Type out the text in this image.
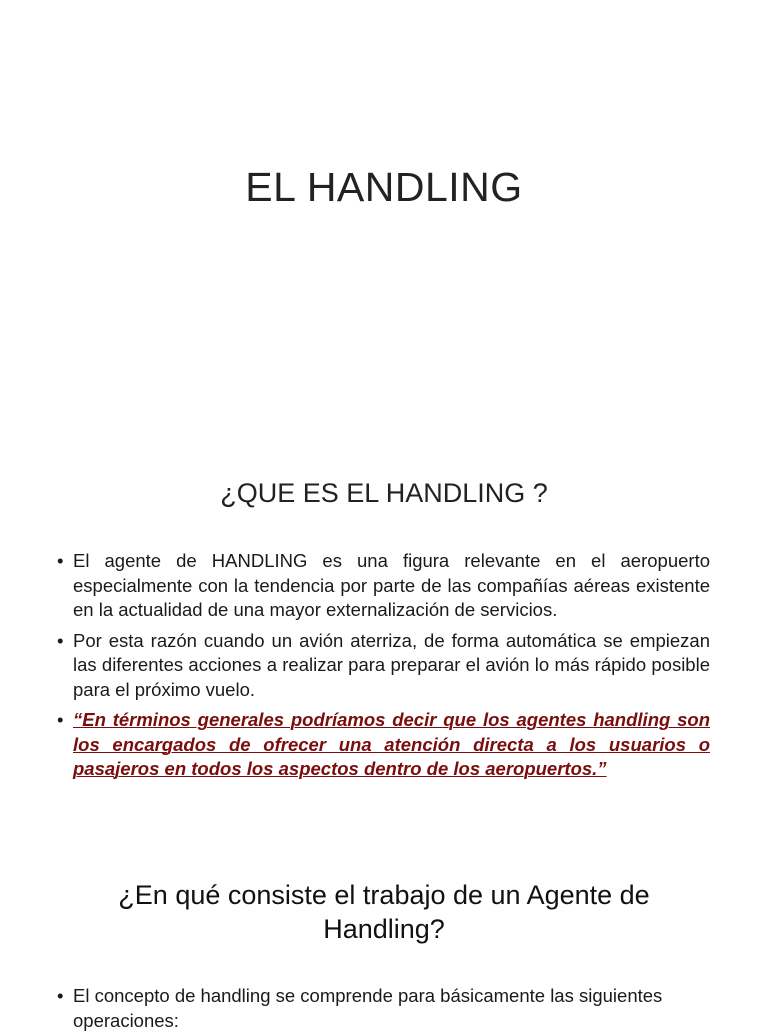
EL HANDLING
¿QUE ES EL HANDLING ?
• El agente de HANDLING es una figura relevante en el aeropuerto especialmente con la tendencia por parte de las compañías aéreas existente en la actualidad de una mayor externalización de servicios.
• Por esta razón cuando un avión aterriza, de forma automática se empiezan las diferentes acciones a realizar para preparar el avión lo más rápido posible para el próximo vuelo.
• “En términos generales podríamos decir que los agentes handling son los encargados de ofrecer una atención directa a los usuarios o pasajeros en todos los aspectos dentro de los aeropuertos.”
¿En qué consiste el trabajo de un Agente de
Handling?
• El concepto de handling se comprende para básicamente las siguientes operaciones:
